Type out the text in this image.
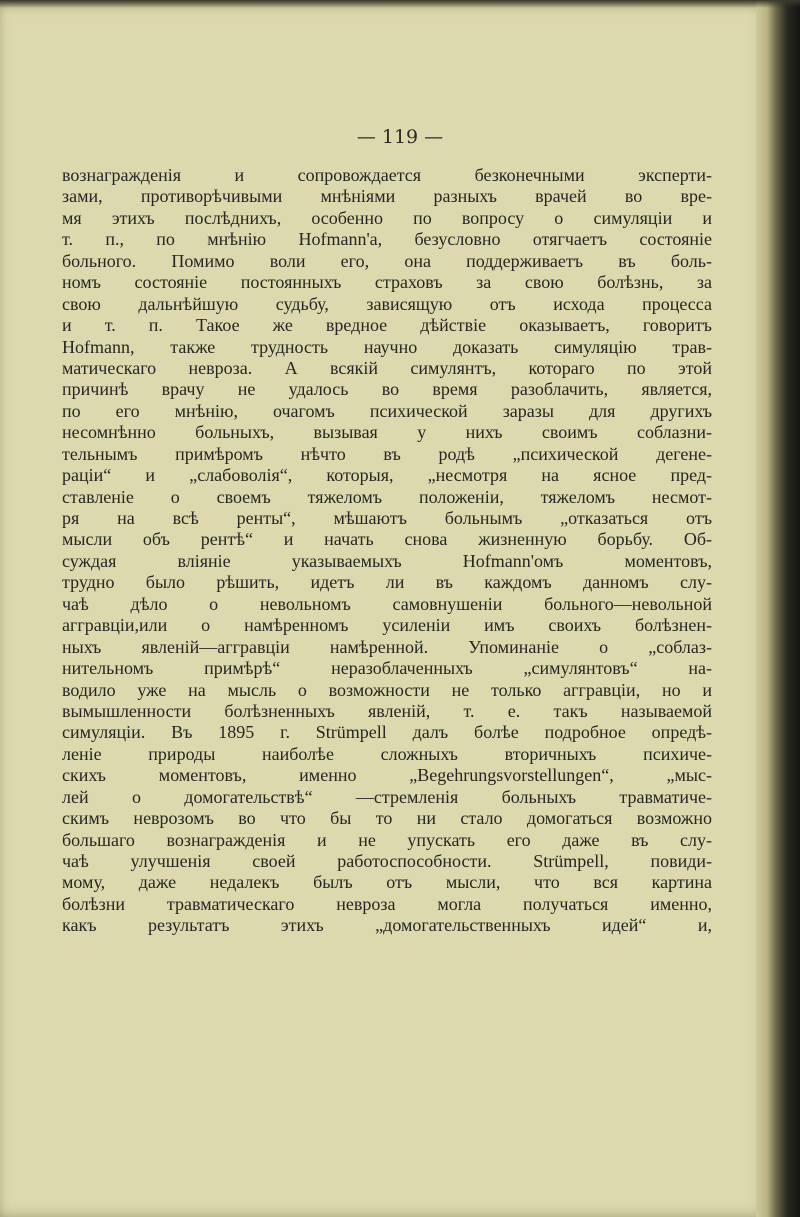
— 119 —
вознагражденія и сопровождается безконечными эксперти-
зами, противорѣчивыми мнѣніями разныхъ врачей во вре-
мя этихъ послѣднихъ, особенно по вопросу о симуляціи и
т. п., по мнѣнію Hofmann'a, безусловно отягчаетъ состояніе
больного. Помимо воли его, она поддерживаетъ въ боль-
номъ состояніе постоянныхъ страховъ за свою болѣзнь, за
свою дальнѣйшую судьбу, зависящую отъ исхода процесса
и т. п. Такое же вредное дѣйствіе оказываетъ, говоритъ
Hofmann, также трудность научно доказать симуляцію трав-
матическаго невроза. А всякій симулянтъ, котораго по этой
причинѣ врачу не удалось во время разоблачить, является,
по его мнѣнію, очагомъ психической заразы для другихъ
несомнѣнно больныхъ, вызывая у нихъ своимъ соблазни-
тельнымъ примѣромъ нѣчто въ родѣ „психической дегене-
раціи“ и „слабоволія“, которыя, „несмотря на ясное пред-
ставленіе о своемъ тяжеломъ положеніи, тяжеломъ несмот-
ря на всѣ ренты“, мѣшаютъ больнымъ „отказаться отъ
мысли объ рентѣ“ и начать снова жизненную борьбу. Об-
суждая вліяніе указываемыхъ Hofmann'омъ моментовъ,
трудно было рѣшить, идетъ ли въ каждомъ данномъ слу-
чаѣ дѣло о невольномъ самовнушеніи больного—невольной
аггравціи,или о намѣренномъ усиленіи имъ своихъ болѣзнен-
ныхъ явленій—аггравціи намѣренной. Упоминаніе о „соблаз-
нительномъ примѣрѣ“ неразоблаченныхъ „симулянтовъ“ на-
водило уже на мысль о возможности не только аггравціи, но и
вымышленности болѣзненныхъ явленій, т. е. такъ называемой
симуляціи. Въ 1895 г. Strümpell далъ болѣе подробное опредѣ-
леніе природы наиболѣе сложныхъ вторичныхъ психиче-
скихъ моментовъ, именно „Begehrungsvorstellungen“, „мыс-
лей о домогательствѣ“ —стремленія больныхъ травматиче-
скимъ неврозомъ во что бы то ни стало домогаться возможно
большаго вознагражденія и не упускать его даже въ слу-
чаѣ улучшенія своей работоспособности. Strümpell, повиди-
мому, даже недалекъ былъ отъ мысли, что вся картина
болѣзни травматическаго невроза могла получаться именно,
какъ результатъ этихъ „домогательственныхъ идей“ и,
